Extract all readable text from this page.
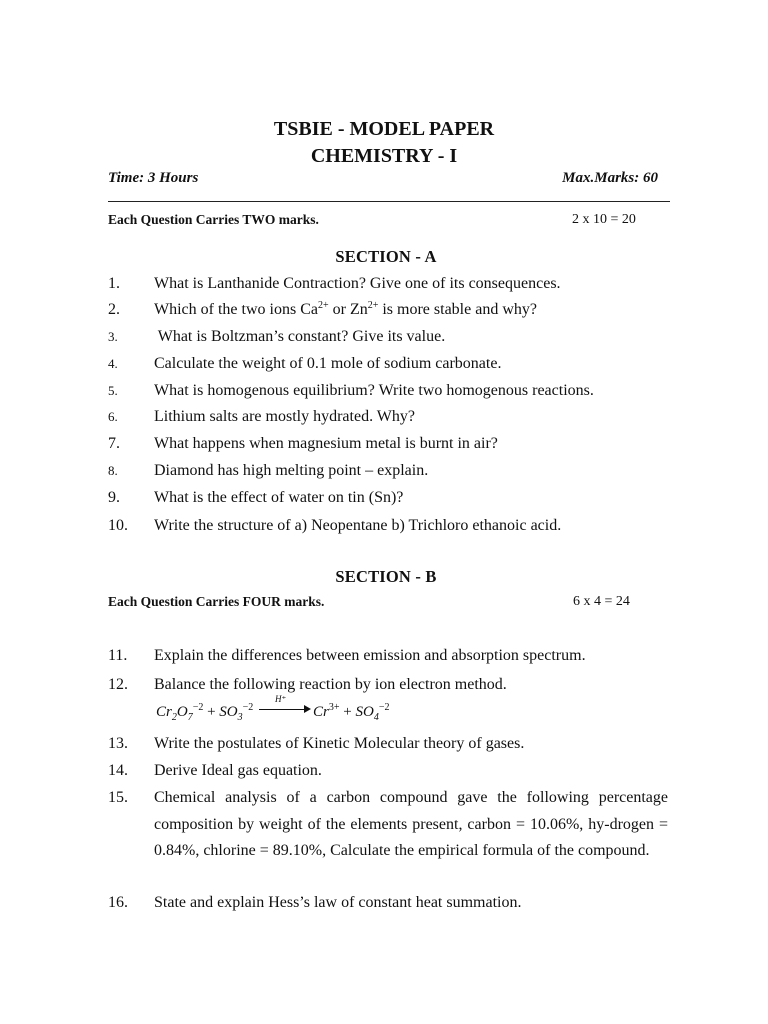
TSBIE - MODEL PAPER
CHEMISTRY - I
Time: 3 Hours	Max.Marks: 60
Each Question Carries TWO marks.	2 x 10 = 20
SECTION - A
1. What is Lanthanide Contraction? Give one of its consequences.
2. Which of the two ions $Ca^{2+}$ or $Zn^{2+}$ is more stable and why?
3. What is Boltzman’s constant? Give its value.
4. Calculate the weight of 0.1 mole of sodium carbonate.
5. What is homogenous equilibrium? Write two homogenous reactions.
6. Lithium salts are mostly hydrated. Why?
7. What happens when magnesium metal is burnt in air?
8. Diamond has high melting point – explain.
9. What is the effect of water on tin (Sn)?
10. Write the structure of a) Neopentane b) Trichloro ethanoic acid.
SECTION - B
Each Question Carries FOUR marks.	6 x 4 = 24
11. Explain the differences between emission and absorption spectrum.
12. Balance the following reaction by ion electron method.
$Cr_2O_7^{-2} + SO_3^{-2}$
H⁺
$Cr^{3+} + SO_4^{-2}$
13. Write the postulates of Kinetic Molecular theory of gases.
14. Derive Ideal gas equation.
15. Chemical analysis of a carbon compound gave the following percentage composition by weight of the elements present, carbon = 10.06%, hy-drogen = 0.84%, chlorine = 89.10%, Calculate the empirical formula of the compound.
16. State and explain Hess’s law of constant heat summation.
